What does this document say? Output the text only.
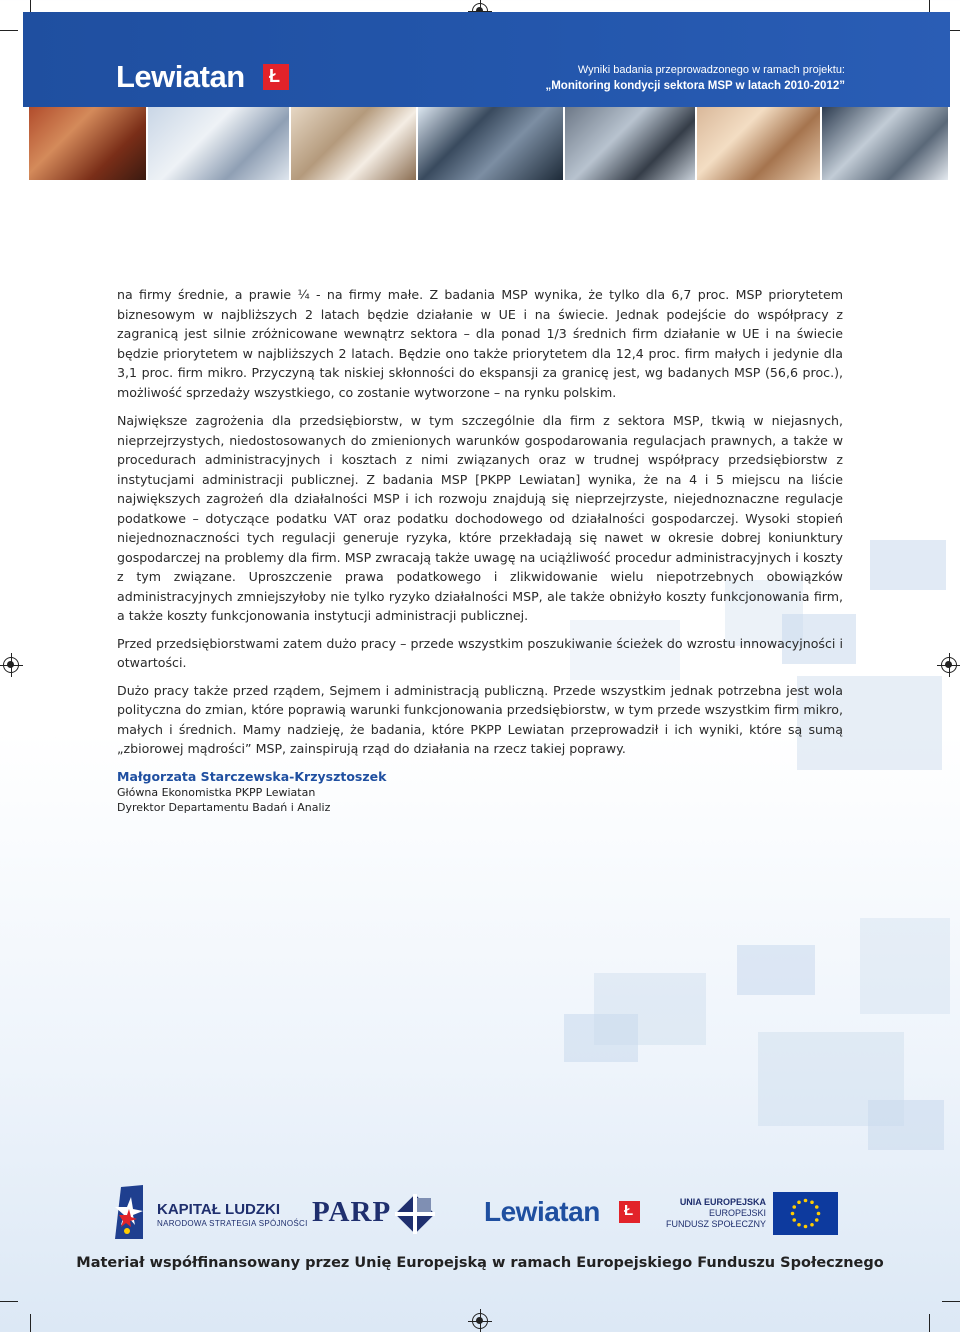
Lewiatan Ł	Wyniki badania przeprowadzonego w ramach projektu:
„Monitoring kondycji sektora MSP w latach 2010-2012”

na firmy średnie, a prawie ¼ - na firmy małe. Z badania MSP wynika, że tylko dla 6,7 proc. MSP priorytetem biznesowym w najbliższych 2 latach będzie działanie w UE i na świecie. Jednak podejście do współpracy z zagranicą jest silnie zróżnicowane wewnątrz sektora – dla ponad 1/3 średnich firm działanie w UE i na świecie będzie priorytetem w najbliższych 2 latach. Będzie ono także priorytetem dla 12,4 proc. firm małych i jedynie dla 3,1 proc. firm mikro. Przyczyną tak niskiej skłonności do ekspansji za granicę jest, wg badanych MSP (56,6 proc.), możliwość sprzedaży wszystkiego, co zostanie wytworzone – na rynku polskim.

Największe zagrożenia dla przedsiębiorstw, w tym szczególnie dla firm z sektora MSP, tkwią w niejasnych, nieprzejrzystych, niedostosowanych do zmienionych warunków gospodarowania regulacjach prawnych, a także w procedurach administracyjnych i kosztach z nimi związanych oraz w trudnej współpracy przedsiębiorstw z instytucjami administracji publicznej. Z badania MSP [PKPP Lewiatan] wynika, że na 4 i 5 miejscu na liście największych zagrożeń dla działalności MSP i ich rozwoju znajdują się nieprzejrzyste, niejednoznaczne regulacje podatkowe – dotyczące podatku VAT oraz podatku dochodowego od działalności gospodarczej. Wysoki stopień niejednoznaczności tych regulacji generuje ryzyka, które przekładają się nawet w okresie dobrej koniunktury gospodarczej na problemy dla firm. MSP zwracają także uwagę na uciążliwość procedur administracyjnych i koszty z tym związane. Uproszczenie prawa podatkowego i zlikwidowanie wielu niepotrzebnych obowiązków administracyjnych zmniejszyłoby nie tylko ryzyko działalności MSP, ale także obniżyło koszty funkcjonowania firm, a także koszty funkcjonowania instytucji administracji publicznej.

Przed przedsiębiorstwami zatem dużo pracy – przede wszystkim poszukiwanie ścieżek do wzrostu innowacyjności i otwartości.

Dużo pracy także przed rządem, Sejmem i administracją publiczną. Przede wszystkim jednak potrzebna jest wola polityczna do zmian, które poprawią warunki funkcjonowania przedsiębiorstw, w tym przede wszystkim firm mikro, małych i średnich. Mamy nadzieję, że badania, które PKPP Lewiatan przeprowadził i ich wyniki, które są sumą „zbiorowej mądrości” MSP, zainspirują rząd do działania na rzecz takiej poprawy.

Małgorzata Starczewska-Krzysztoszek
Główna Ekonomistka PKPP Lewiatan
Dyrektor Departamentu Badań i Analiz
KAPITAŁ LUDZKI
NARODOWA STRATEGIA SPÓJNOŚCI PARP	Lewiatan Ł	UNIA EUROPEJSKA
EUROPEJSKI
FUNDUSZ SPOŁECZNY
Materiał współfinansowany przez Unię Europejską w ramach Europejskiego Funduszu Społecznego
